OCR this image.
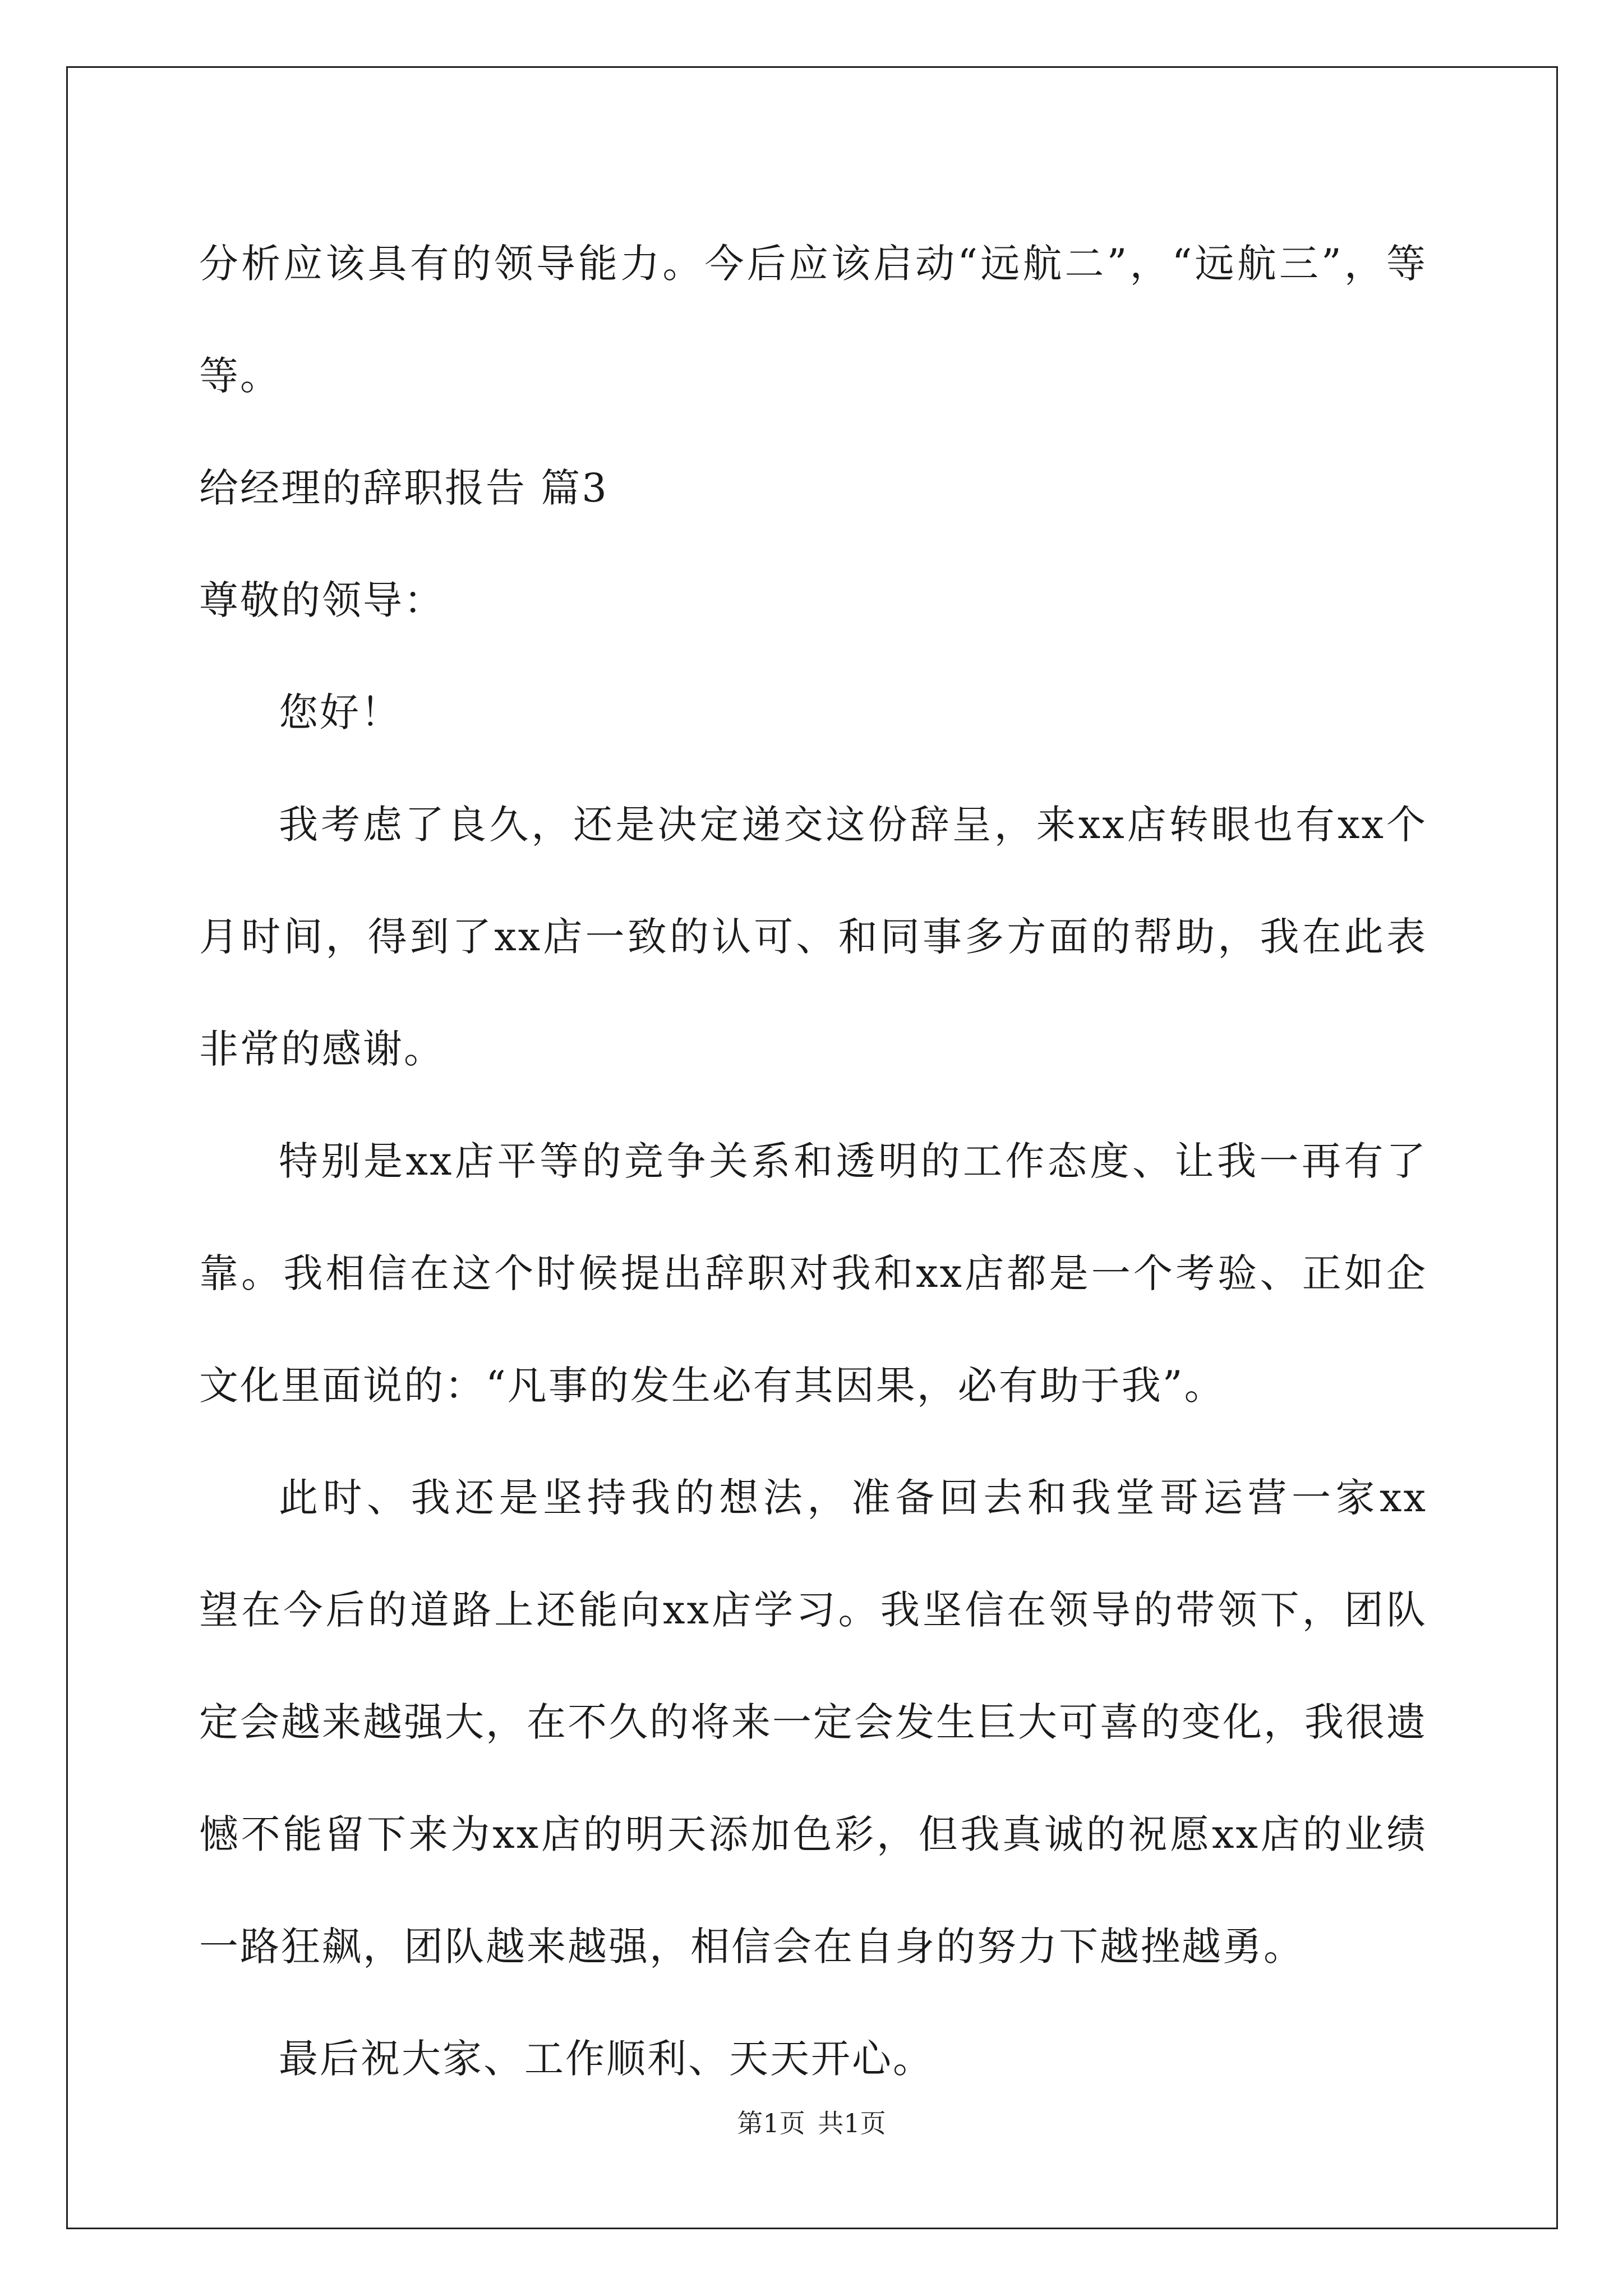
分析应该具有的领导能力。今后应该启动“远航二”，“远航三”，等
等。
给经理的辞职报告 篇3
尊敬的领导：
您好！
我考虑了良久，还是决定递交这份辞呈，来xx店转眼也有xx个
月时间，得到了xx店一致的认可、和同事多方面的帮助，我在此表
非常的感谢。
特别是xx店平等的竞争关系和透明的工作态度、让我一再有了
靠。我相信在这个时候提出辞职对我和xx店都是一个考验、正如企
文化里面说的：“凡事的发生必有其因果，必有助于我”。
此时、我还是坚持我的想法，准备回去和我堂哥运营一家xx
望在今后的道路上还能向xx店学习。我坚信在领导的带领下，团队
定会越来越强大，在不久的将来一定会发生巨大可喜的变化，我很遗
憾不能留下来为xx店的明天添加色彩，但我真诚的祝愿xx店的业绩
一路狂飙，团队越来越强，相信会在自身的努力下越挫越勇。
最后祝大家、工作顺利、天天开心。
第1页 共1页
